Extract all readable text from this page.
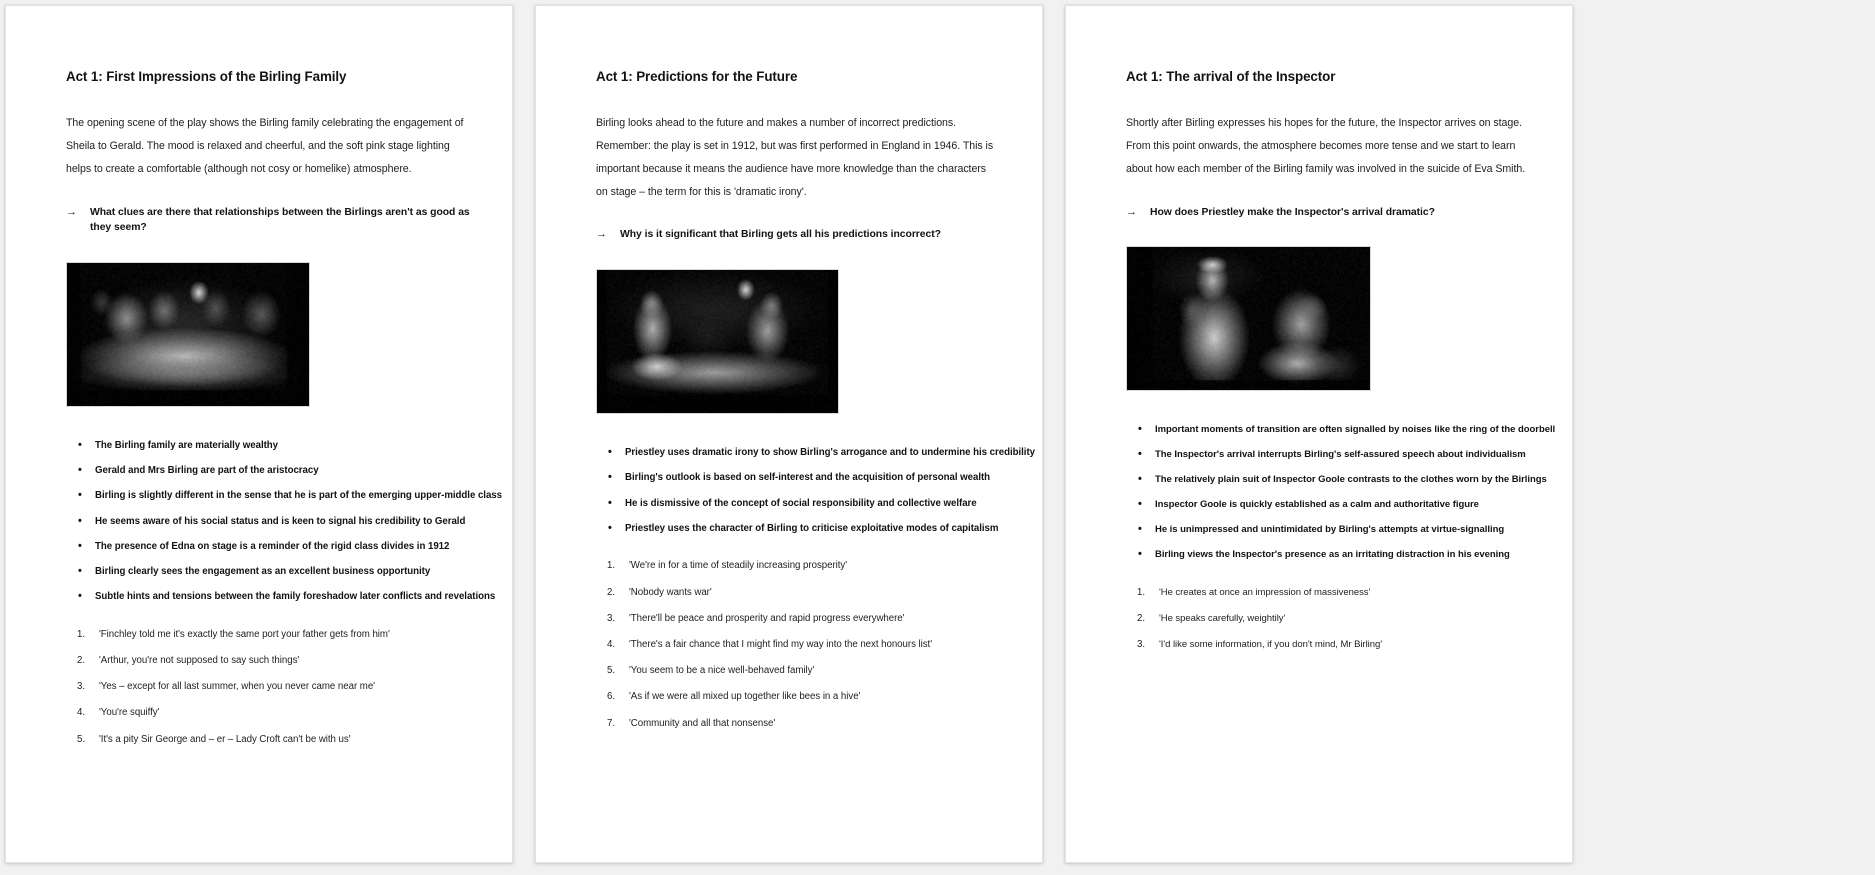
Act 1: First Impressions of the Birling Family
The opening scene of the play shows the Birling family celebrating the engagement of Sheila to Gerald. The mood is relaxed and cheerful, and the soft pink stage lighting helps to create a comfortable (although not cosy or homelike) atmosphere.
→ What clues are there that relationships between the Birlings aren't as good as they seem?
• The Birling family are materially wealthy
• Gerald and Mrs Birling are part of the aristocracy
• Birling is slightly different in the sense that he is part of the emerging upper-middle class
• He seems aware of his social status and is keen to signal his credibility to Gerald
• The presence of Edna on stage is a reminder of the rigid class divides in 1912
• Birling clearly sees the engagement as an excellent business opportunity
• Subtle hints and tensions between the family foreshadow later conflicts and revelations
'Finchley told me it's exactly the same port your father gets from him'
'Arthur, you're not supposed to say such things'
'Yes – except for all last summer, when you never came near me'
'You're squiffy'
'It's a pity Sir George and – er – Lady Croft can't be with us'
Act 1: Predictions for the Future
Birling looks ahead to the future and makes a number of incorrect predictions. Remember: the play is set in 1912, but was first performed in England in 1946. This is important because it means the audience have more knowledge than the characters on stage – the term for this is 'dramatic irony'.
→ Why is it significant that Birling gets all his predictions incorrect?
• Priestley uses dramatic irony to show Birling's arrogance and to undermine his credibility
• Birling's outlook is based on self-interest and the acquisition of personal wealth
• He is dismissive of the concept of social responsibility and collective welfare
• Priestley uses the character of Birling to criticise exploitative modes of capitalism
'We're in for a time of steadily increasing prosperity'
'Nobody wants war'
'There'll be peace and prosperity and rapid progress everywhere'
'There's a fair chance that I might find my way into the next honours list'
'You seem to be a nice well-behaved family'
'As if we were all mixed up together like bees in a hive'
'Community and all that nonsense'
Act 1: The arrival of the Inspector
Shortly after Birling expresses his hopes for the future, the Inspector arrives on stage. From this point onwards, the atmosphere becomes more tense and we start to learn about how each member of the Birling family was involved in the suicide of Eva Smith.
→ How does Priestley make the Inspector's arrival dramatic?
• Important moments of transition are often signalled by noises like the ring of the doorbell
• The Inspector's arrival interrupts Birling's self-assured speech about individualism
• The relatively plain suit of Inspector Goole contrasts to the clothes worn by the Birlings
• Inspector Goole is quickly established as a calm and authoritative figure
• He is unimpressed and unintimidated by Birling's attempts at virtue-signalling
• Birling views the Inspector's presence as an irritating distraction in his evening
'He creates at once an impression of massiveness'
'He speaks carefully, weightily'
'I'd like some information, if you don't mind, Mr Birling'
